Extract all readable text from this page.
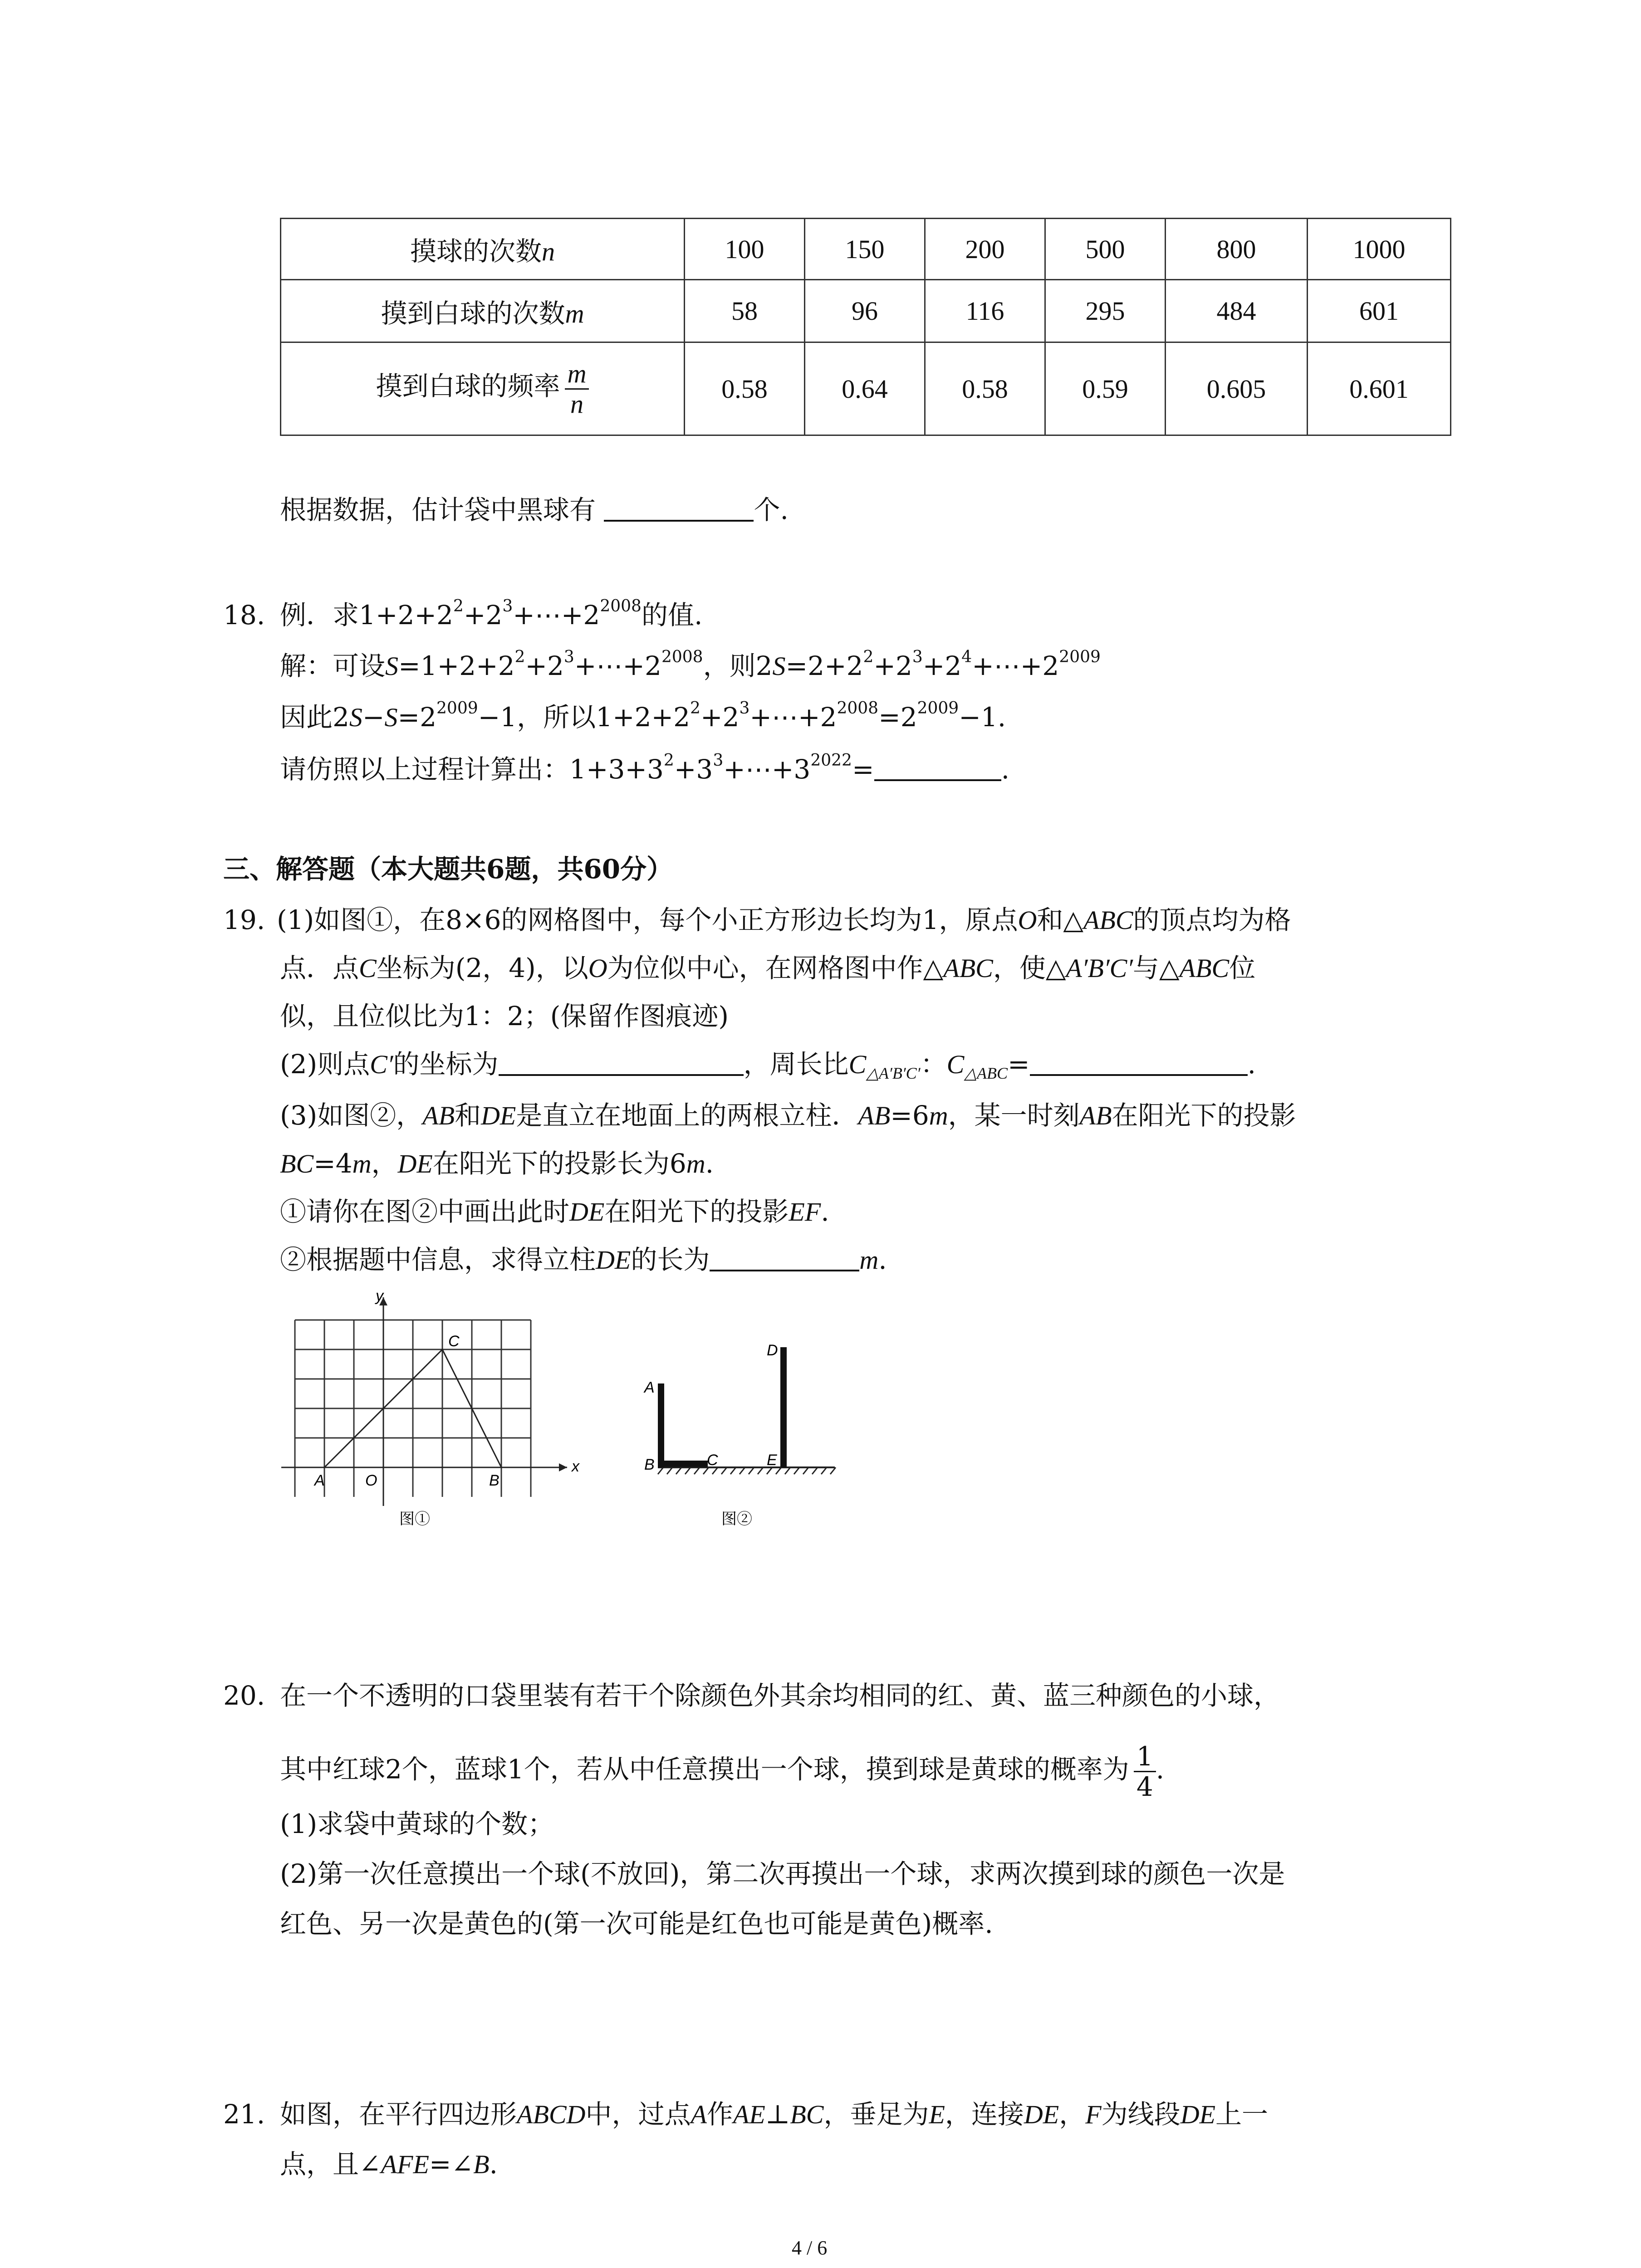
摸球的次数n	100	150	200	500	800	1000
摸到白球的次数m	58	96	116	295	484	601
摸到白球的频率 $\frac{m}{n}$	0.58	0.64	0.58	0.59	0.605	0.601
根据数据，估计袋中黑球有	个.
18. 例．求$1+2+2^2+2^3+\cdots+2^{2008}$的值.
解：可设$S=1+2+2^2+2^3+\cdots+2^{2008}$，则$2S=2+2^2+2^3+2^4+\cdots+2^{2009}$
因此$2S-S=2^{2009}-1$，所以$1+2+2^2+2^3+\cdots+2^{2008}=2^{2009}-1$.
请仿照以上过程计算出：$1+3+3^2+3^3+\cdots+3^{2022}=$	.
三、解答题（本大题共6题，共60分）
19. (1)如图①，在8×6的网格图中，每个小正方形边长均为1，原点O和△ABC的顶点均为格
点．点C坐标为(2，4)，以O为位似中心，在网格图中作△ABC，使△A′B′C′与△ABC位
似，且位似比为1：2；(保留作图痕迹)
(2)则点C′的坐标为	，周长比$C_{\triangle A'B'C'}$：$C_{\triangle ABC}=$	.
(3)如图②，AB和DE是直立在地面上的两根立柱．AB=6m，某一时刻AB在阳光下的投影
BC=4m，DE在阳光下的投影长为6m.
①请你在图②中画出此时DE在阳光下的投影EF.
②根据题中信息，求得立柱DE的长为	m.
y
x
A	O	B
C
图①
A
B	C
D
E
图②
20. 在一个不透明的口袋里装有若干个除颜色外其余均相同的红、黄、蓝三种颜色的小球，
其中红球2个，蓝球1个，若从中任意摸出一个球，摸到球是黄球的概率为 $\frac{1}{4}$ .
(1)求袋中黄球的个数；
(2)第一次任意摸出一个球(不放回)，第二次再摸出一个球，求两次摸到球的颜色一次是
红色、另一次是黄色的(第一次可能是红色也可能是黄色)概率.
21. 如图，在平行四边形ABCD中，过点A作AE⊥BC，垂足为E，连接DE，F为线段DE上一
点，且∠AFE=∠B.
4 / 6
